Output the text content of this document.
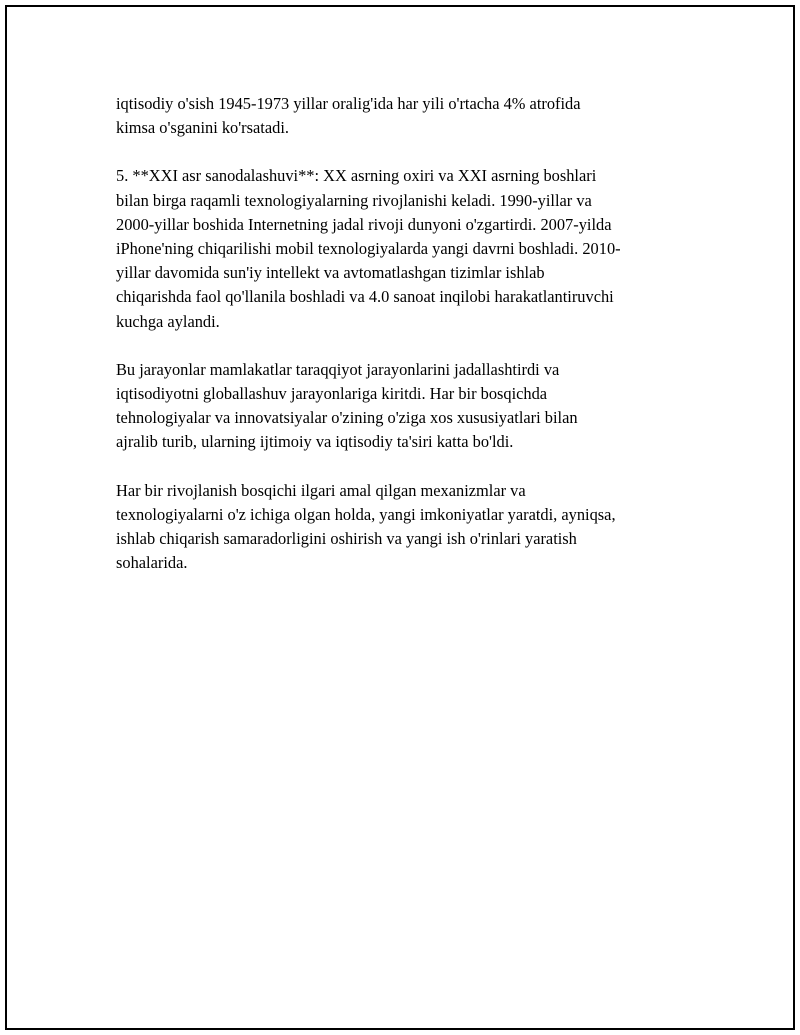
iqtisodiy o'sish 1945-1973 yillar oralig'ida har yili o'rtacha 4% atrofida
kimsa o'sganini ko'rsatadi.

5. **XXI asr sanodalashuvi**: XX asrning oxiri va XXI asrning boshlari
bilan birga raqamli texnologiyalarning rivojlanishi keladi. 1990-yillar va
2000-yillar boshida Internetning jadal rivoji dunyoni o'zgartirdi. 2007-yilda
iPhone'ning chiqarilishi mobil texnologiyalarda yangi davrni boshladi. 2010-
yillar davomida sun'iy intellekt va avtomatlashgan tizimlar ishlab
chiqarishda faol qo'llanila boshladi va 4.0 sanoat inqilobi harakatlantiruvchi
kuchga aylandi.

Bu jarayonlar mamlakatlar taraqqiyot jarayonlarini jadallashtirdi va
iqtisodiyotni globallashuv jarayonlariga kiritdi. Har bir bosqichda
tehnologiyalar va innovatsiyalar o'zining o'ziga xos xususiyatlari bilan
ajralib turib, ularning ijtimoiy va iqtisodiy ta'siri katta bo'ldi.

Har bir rivojlanish bosqichi ilgari amal qilgan mexanizmlar va
texnologiyalarni o'z ichiga olgan holda, yangi imkoniyatlar yaratdi, ayniqsa,
ishlab chiqarish samaradorligini oshirish va yangi ish o'rinlari yaratish
sohalarida.
